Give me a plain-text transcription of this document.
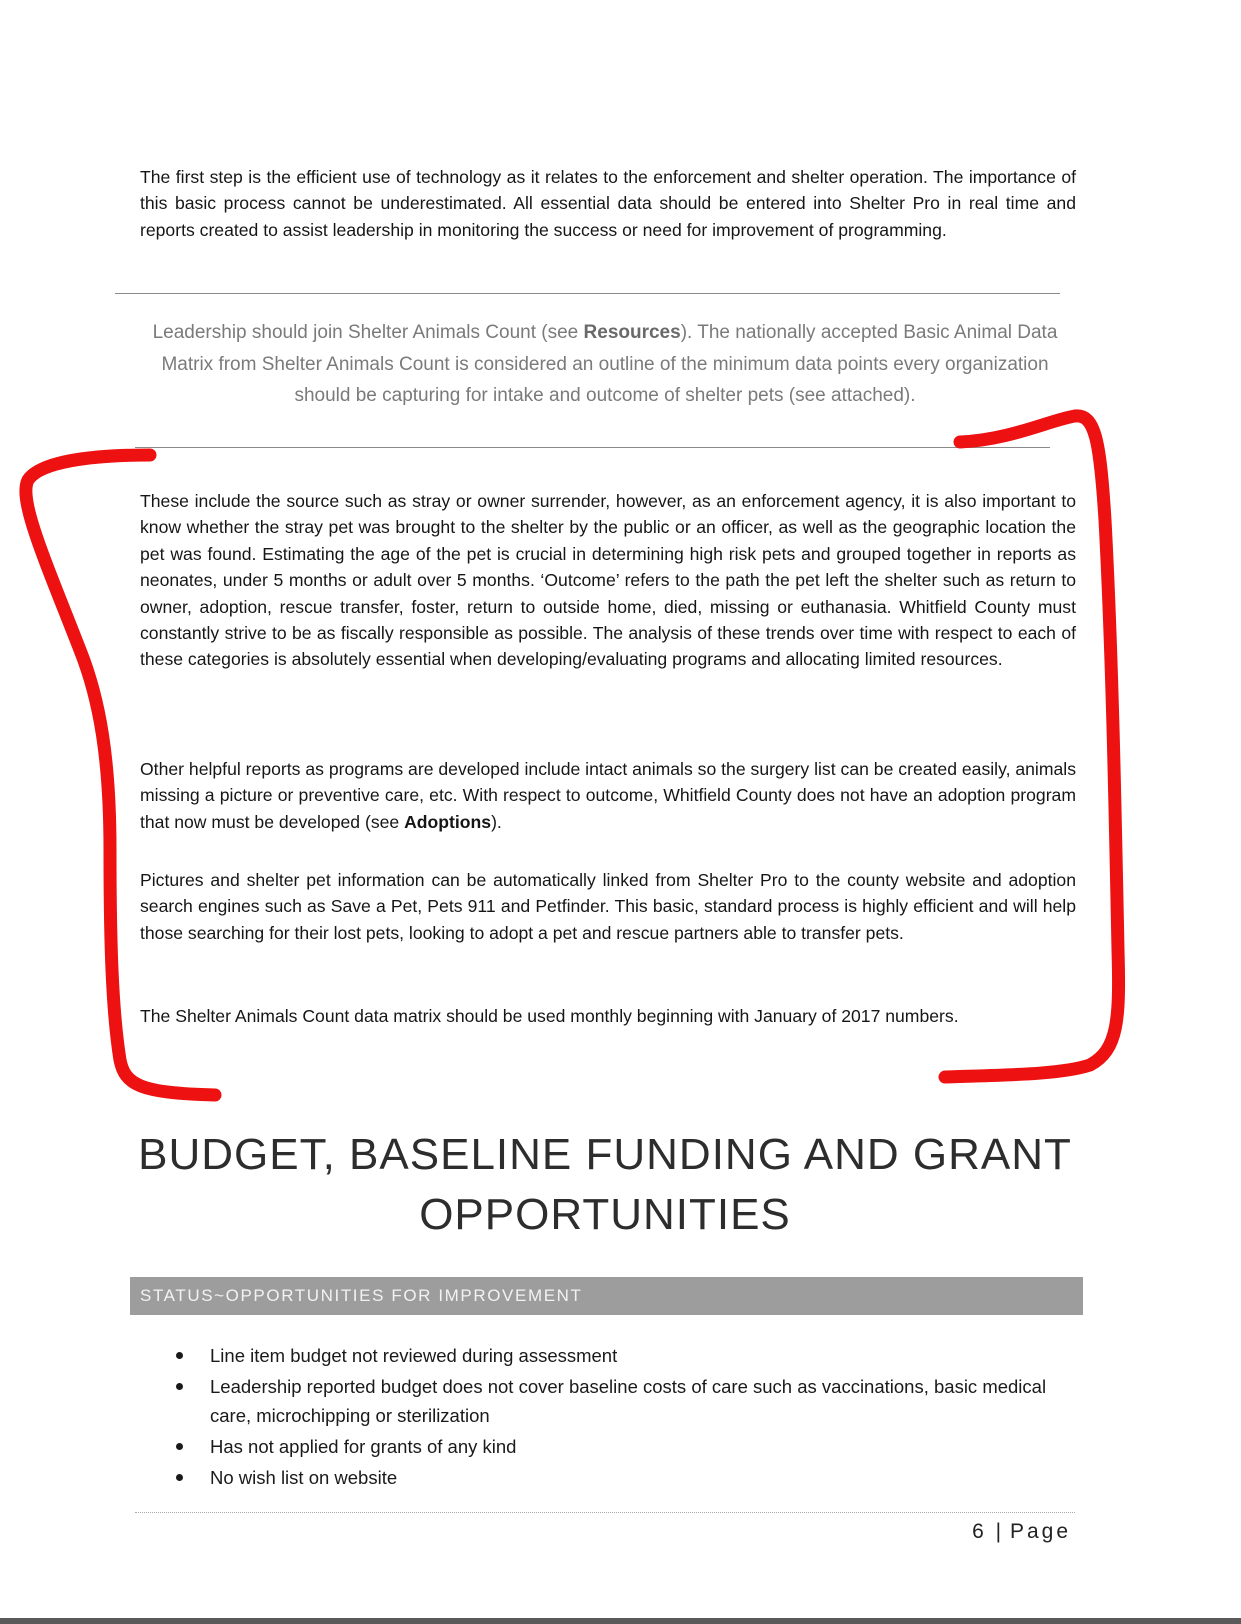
The first step is the efficient use of technology as it relates to the enforcement and shelter operation. The importance of this basic process cannot be underestimated. All essential data should be entered into Shelter Pro in real time and reports created to assist leadership in monitoring the success or need for improvement of programming.
Leadership should join Shelter Animals Count (see Resources). The nationally accepted Basic Animal Data Matrix from Shelter Animals Count is considered an outline of the minimum data points every organization should be capturing for intake and outcome of shelter pets (see attached).
These include the source such as stray or owner surrender, however, as an enforcement agency, it is also important to know whether the stray pet was brought to the shelter by the public or an officer, as well as the geographic location the pet was found. Estimating the age of the pet is crucial in determining high risk pets and grouped together in reports as neonates, under 5 months or adult over 5 months. ‘Outcome’ refers to the path the pet left the shelter such as return to owner, adoption, rescue transfer, foster, return to outside home, died, missing or euthanasia. Whitfield County must constantly strive to be as fiscally responsible as possible. The analysis of these trends over time with respect to each of these categories is absolutely essential when developing/evaluating programs and allocating limited resources.
Other helpful reports as programs are developed include intact animals so the surgery list can be created easily, animals missing a picture or preventive care, etc. With respect to outcome, Whitfield County does not have an adoption program that now must be developed (see Adoptions).
Pictures and shelter pet information can be automatically linked from Shelter Pro to the county website and adoption search engines such as Save a Pet, Pets 911 and Petfinder. This basic, standard process is highly efficient and will help those searching for their lost pets, looking to adopt a pet and rescue partners able to transfer pets.
The Shelter Animals Count data matrix should be used monthly beginning with January of 2017 numbers.
BUDGET, BASELINE FUNDING AND GRANT
OPPORTUNITIES
STATUS~OPPORTUNITIES FOR IMPROVEMENT
Line item budget not reviewed during assessment
Leadership reported budget does not cover baseline costs of care such as vaccinations, basic medical care, microchipping or sterilization
Has not applied for grants of any kind
No wish list on website
6 | Page
